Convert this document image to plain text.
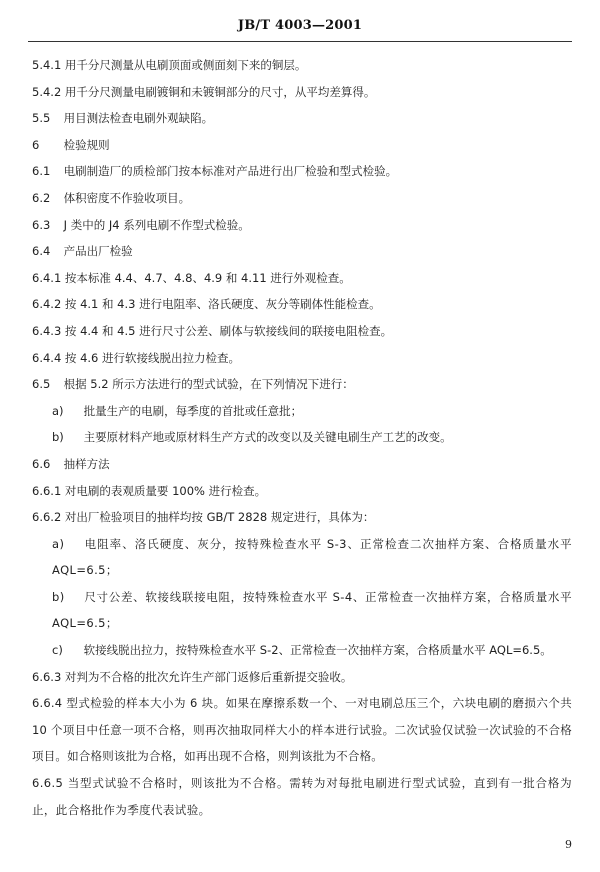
JB/T 4003—2001
5.4.1 用千分尺测量从电刷顶面或侧面刻下来的铜层。
5.4.2 用千分尺测量电刷镀铜和未镀铜部分的尺寸，从平均差算得。
5.5 用目测法检查电刷外观缺陷。
6 检验规则
6.1 电刷制造厂的质检部门按本标准对产品进行出厂检验和型式检验。
6.2 体积密度不作验收项目。
6.3 J 类中的 J4 系列电刷不作型式检验。
6.4 产品出厂检验
6.4.1 按本标准 4.4、4.7、4.8、4.9 和 4.11 进行外观检查。
6.4.2 按 4.1 和 4.3 进行电阻率、洛氏硬度、灰分等刷体性能检查。
6.4.3 按 4.4 和 4.5 进行尺寸公差、刷体与软接线间的联接电阻检查。
6.4.4 按 4.6 进行软接线脱出拉力检查。
6.5 根据 5.2 所示方法进行的型式试验，在下列情况下进行：
a) 批量生产的电刷，每季度的首批或任意批；
b) 主要原材料产地或原材料生产方式的改变以及关键电刷生产工艺的改变。
6.6 抽样方法
6.6.1 对电刷的表观质量要 100% 进行检查。
6.6.2 对出厂检验项目的抽样均按 GB/T 2828 规定进行，具体为：
a) 电阻率、洛氏硬度、灰分，按特殊检查水平 S-3、正常检查二次抽样方案、合格质量水平 AQL=6.5；
b) 尺寸公差、软接线联接电阻，按特殊检查水平 S-4、正常检查一次抽样方案，合格质量水平 AQL=6.5；
c) 软接线脱出拉力，按特殊检查水平 S-2、正常检查一次抽样方案，合格质量水平 AQL=6.5。
6.6.3 对判为不合格的批次允许生产部门返修后重新提交验收。
6.6.4 型式检验的样本大小为 6 块。如果在摩擦系数一个、一对电刷总压三个，六块电刷的磨损六个共 10 个项目中任意一项不合格，则再次抽取同样大小的样本进行试验。二次试验仅试验一次试验的不合格项目。如合格则该批为合格，如再出现不合格，则判该批为不合格。
6.6.5 当型式试验不合格时，则该批为不合格。需转为对每批电刷进行型式试验，直到有一批合格为止，此合格批作为季度代表试验。
9
